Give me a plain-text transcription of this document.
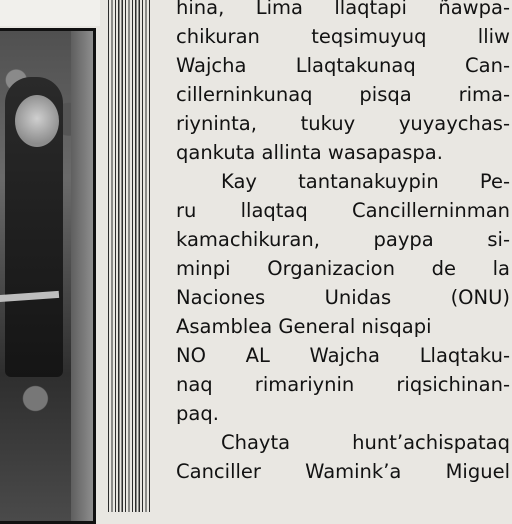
hina, Lima llaqtapi ñawpa-
chikuran teqsimuyuq lliw
Wajcha Llaqtakunaq Can-
cillerninkunaq pisqa rima-
riyninta, tukuy yuyaychas-
qankuta allinta wasapaspa.
Kay tantanakuypin Pe-
ru llaqtaq Cancillerninman
kamachikuran, paypa si-
minpi Organizacion de la
Naciones Unidas (ONU)
Asamblea General nisqapi
NO AL Wajcha Llaqtaku-
naq rimariynin riqsichinan-
paq.
Chayta hunt’achispataq
Canciller Wamink’a Miguel
